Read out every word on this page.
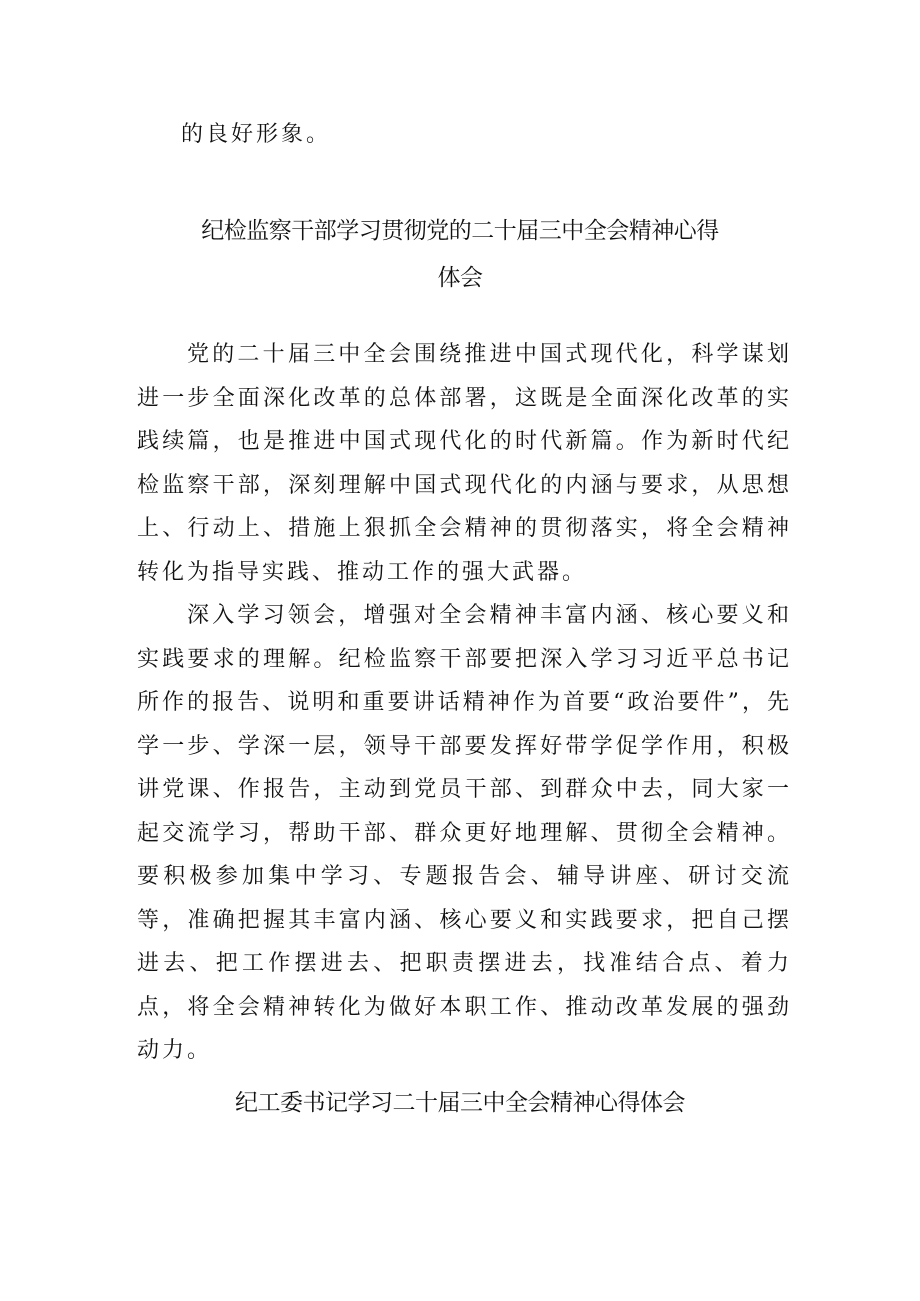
的良好形象。
纪检监察干部学习贯彻党的二十届三中全会精神心得
体会

党的二十届三中全会围绕推进中国式现代化，科学谋划进一步全面深化改革的总体部署，这既是全面深化改革的实践续篇，也是推进中国式现代化的时代新篇。作为新时代纪检监察干部，深刻理解中国式现代化的内涵与要求，从思想上、行动上、措施上狠抓全会精神的贯彻落实，将全会精神转化为指导实践、推动工作的强大武器。

深入学习领会，增强对全会精神丰富内涵、核心要义和实践要求的理解。纪检监察干部要把深入学习习近平总书记所作的报告、说明和重要讲话精神作为首要“政治要件”，先学一步、学深一层，领导干部要发挥好带学促学作用，积极讲党课、作报告，主动到党员干部、到群众中去，同大家一起交流学习，帮助干部、群众更好地理解、贯彻全会精神。要积极参加集中学习、专题报告会、辅导讲座、研讨交流等，准确把握其丰富内涵、核心要义和实践要求，把自己摆进去、把工作摆进去、把职责摆进去，找准结合点、着力点，将全会精神转化为做好本职工作、推动改革发展的强劲动力。

纪工委书记学习二十届三中全会精神心得体会
